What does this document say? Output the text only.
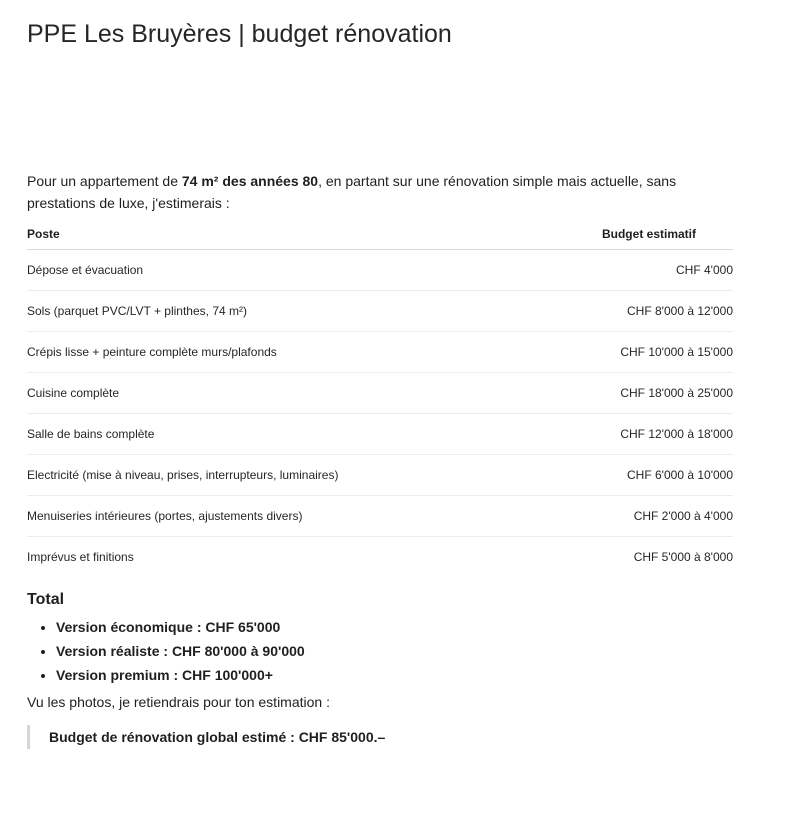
PPE Les Bruyères | budget rénovation

Pour un appartement de 74 m² des années 80, en partant sur une rénovation simple mais actuelle, sans prestations de luxe, j'estimerais :

Poste	Budget estimatif
Dépose et évacuation	CHF 4'000
Sols (parquet PVC/LVT + plinthes, 74 m²)	CHF 8'000 à 12'000
Crépis lisse + peinture complète murs/plafonds	CHF 10'000 à 15'000
Cuisine complète	CHF 18'000 à 25'000
Salle de bains complète	CHF 12'000 à 18'000
Electricité (mise à niveau, prises, interrupteurs, luminaires)	CHF 6'000 à 10'000
Menuiseries intérieures (portes, ajustements divers)	CHF 2'000 à 4'000
Imprévus et finitions	CHF 5'000 à 8'000
Total
• Version économique : CHF 65'000
• Version réaliste : CHF 80'000 à 90'000
• Version premium : CHF 100'000+

Vu les photos, je retiendrais pour ton estimation :

Budget de rénovation global estimé : CHF 85'000.–
